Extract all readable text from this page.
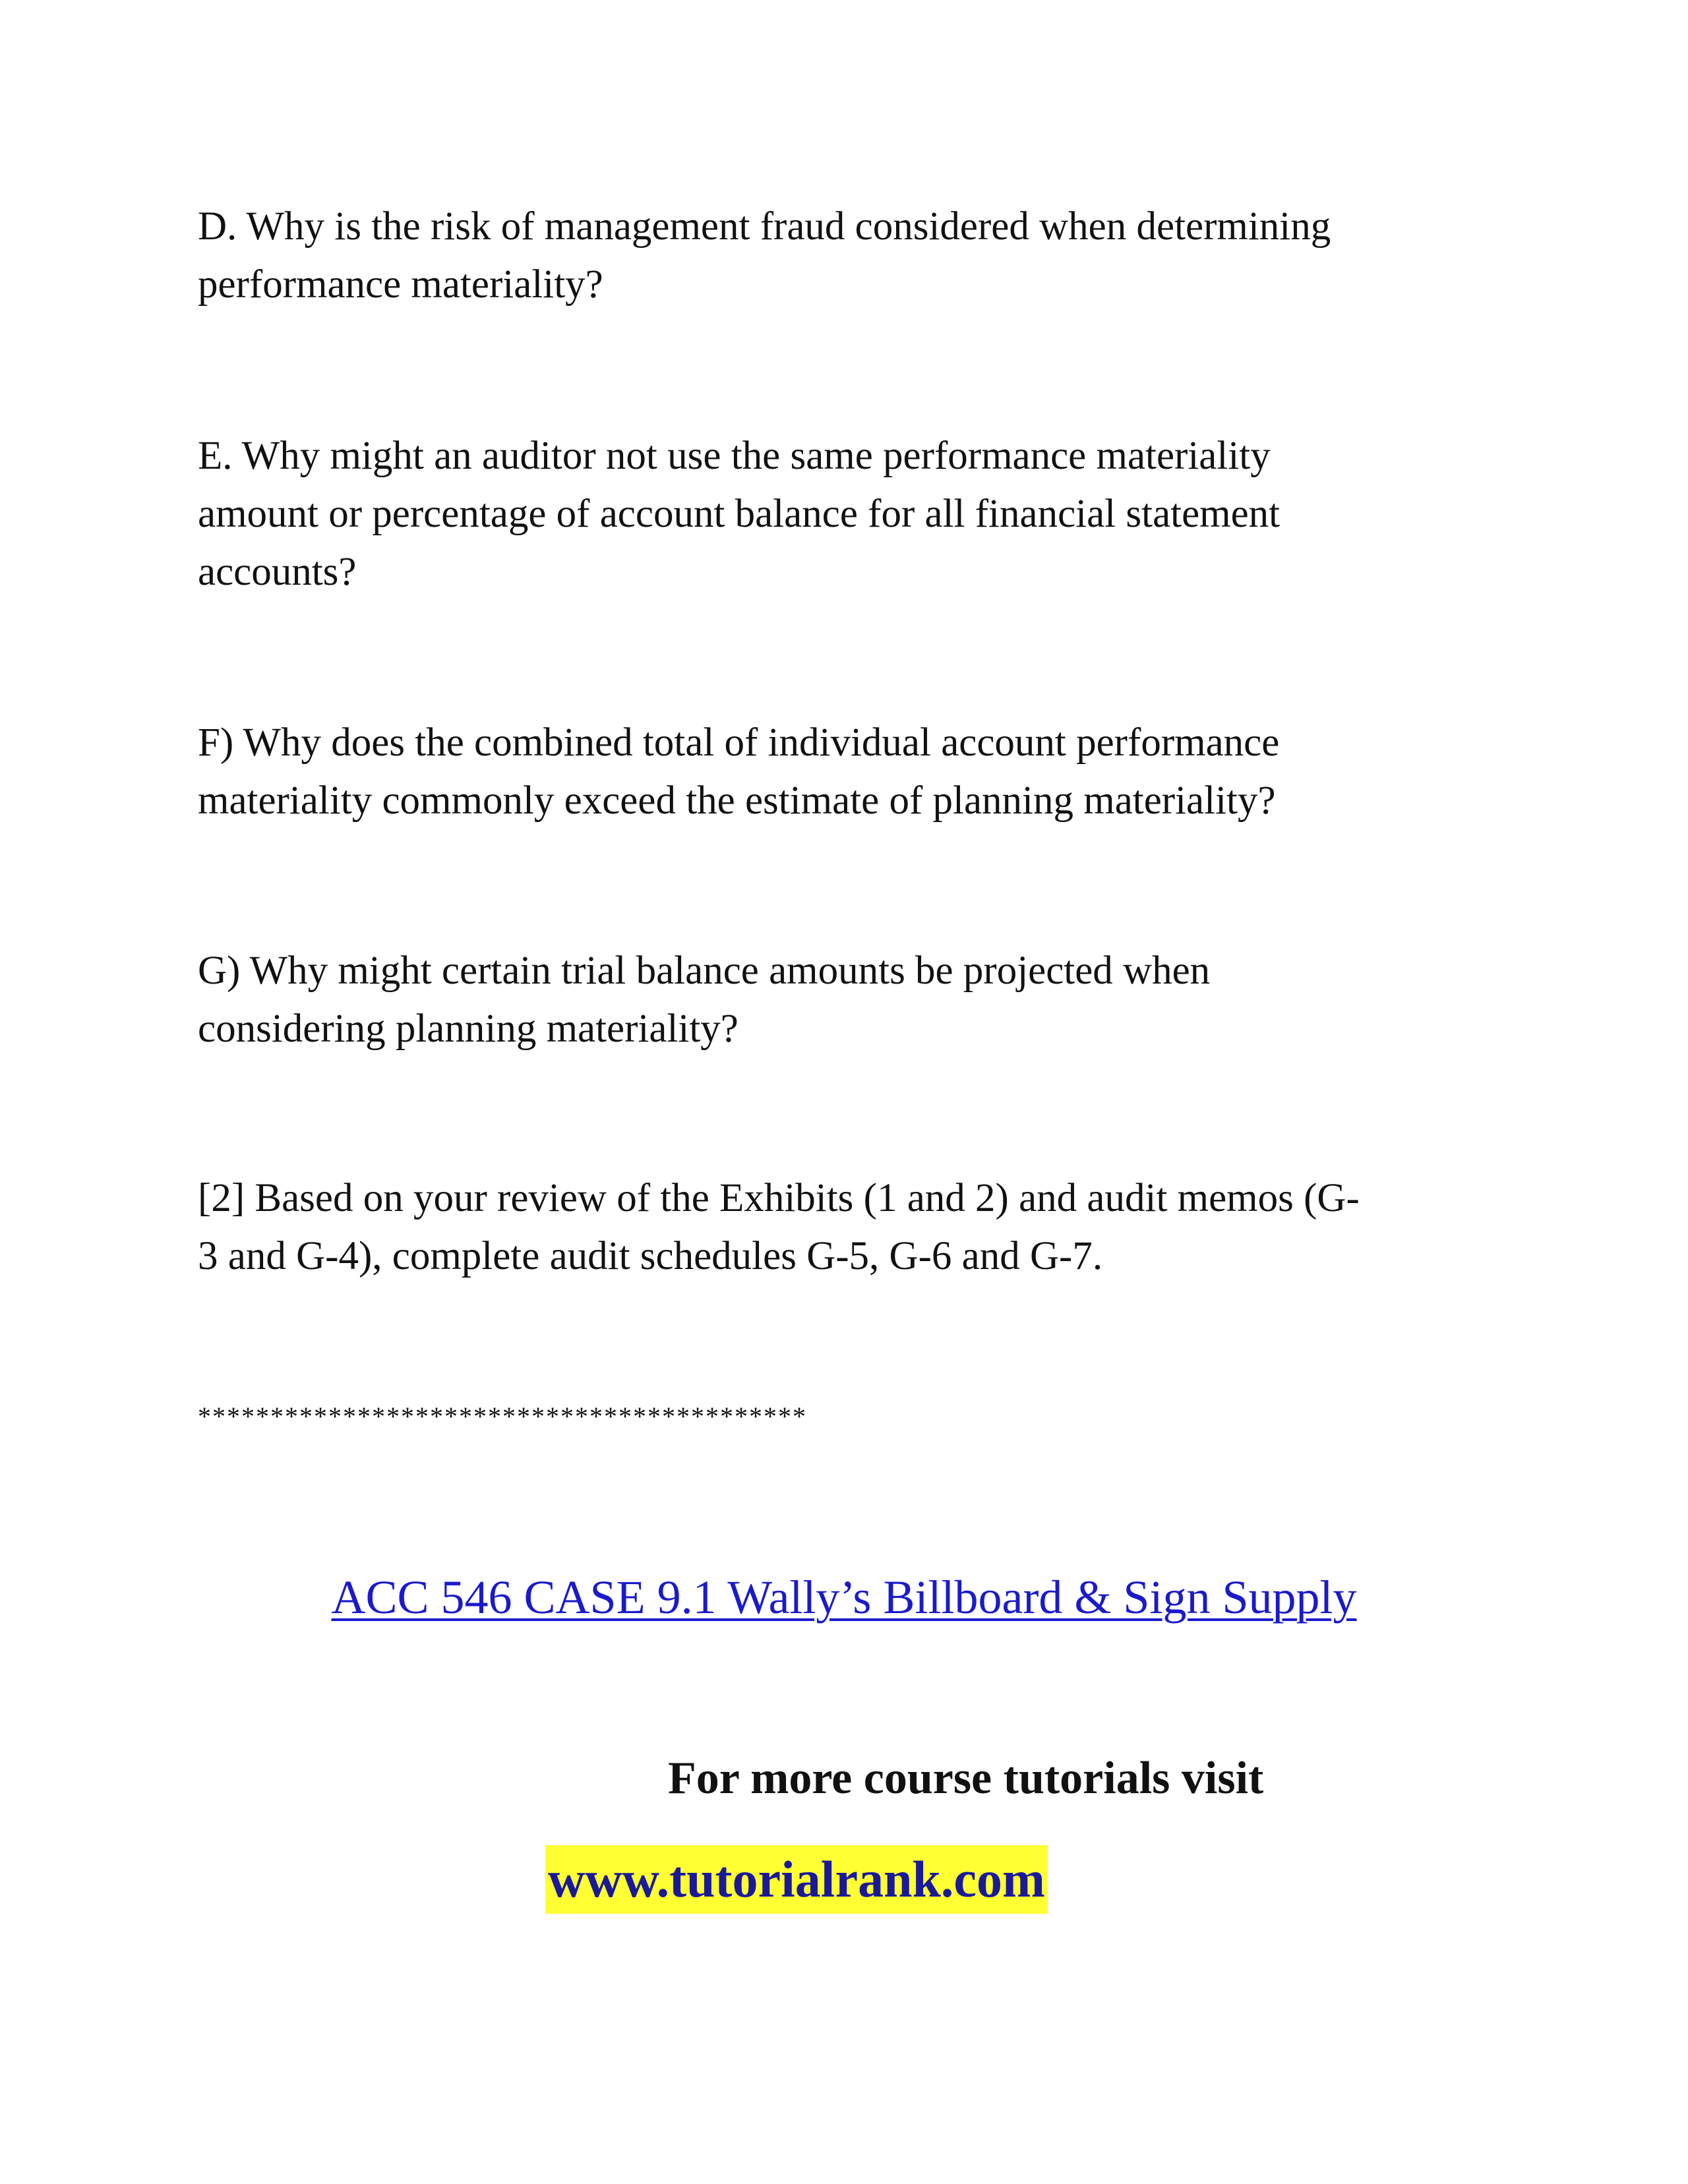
D. Why is the risk of management fraud considered when determining
performance materiality?

E. Why might an auditor not use the same performance materiality
amount or percentage of account balance for all financial statement
accounts?

F) Why does the combined total of individual account performance
materiality commonly exceed the estimate of planning materiality?

G) Why might certain trial balance amounts be projected when
considering planning materiality?

[2] Based on your review of the Exhibits (1 and 2) and audit memos (G-
3 and G-4), complete audit schedules G-5, G-6 and G-7.

******************************************

ACC 546 CASE 9.1 Wally’s Billboard & Sign Supply

For more course tutorials visit

www.tutorialrank.com
